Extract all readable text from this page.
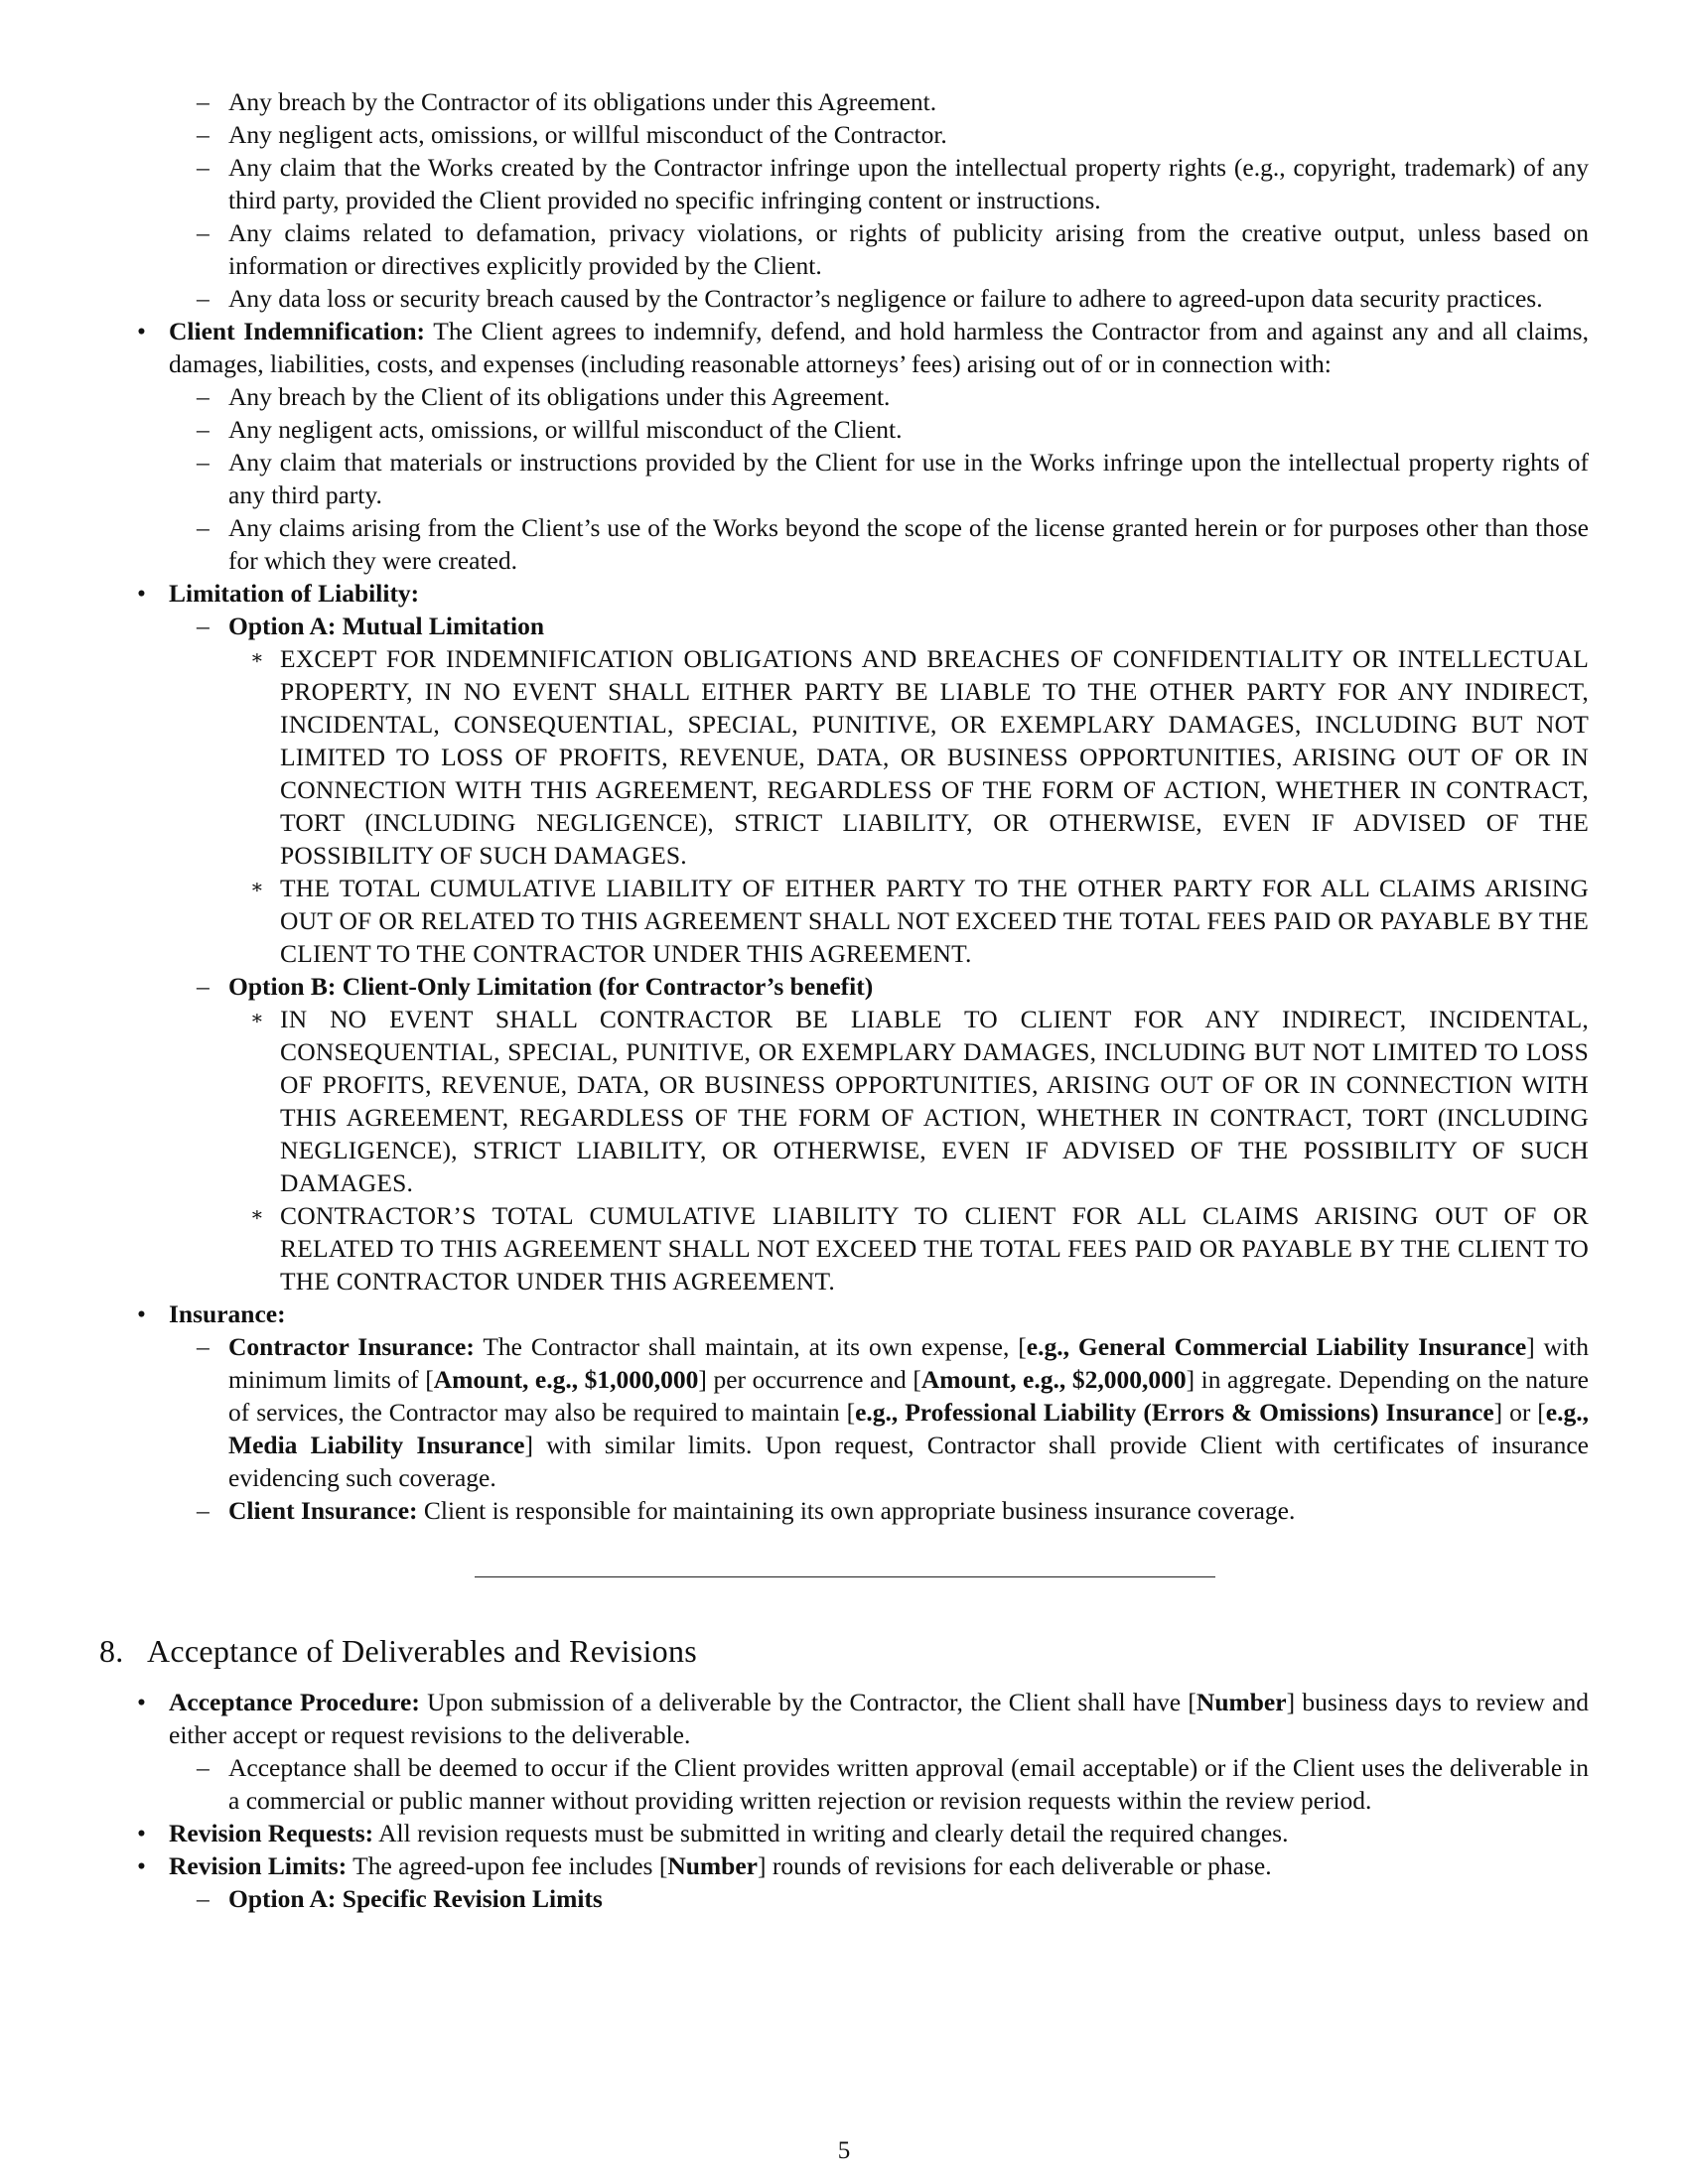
– Any breach by the Contractor of its obligations under this Agreement.
– Any negligent acts, omissions, or willful misconduct of the Contractor.
– Any claim that the Works created by the Contractor infringe upon the intellectual property rights (e.g., copyright, trademark) of any third party, provided the Client provided no specific infringing content or instructions.
– Any claims related to defamation, privacy violations, or rights of publicity arising from the creative output, unless based on information or directives explicitly provided by the Client.
– Any data loss or security breach caused by the Contractor’s negligence or failure to adhere to agreed-upon data security practices.
• Client Indemnification: The Client agrees to indemnify, defend, and hold harmless the Contractor from and against any and all claims, damages, liabilities, costs, and expenses (including reasonable attorneys’ fees) arising out of or in connection with:
– Any breach by the Client of its obligations under this Agreement.
– Any negligent acts, omissions, or willful misconduct of the Client.
– Any claim that materials or instructions provided by the Client for use in the Works infringe upon the intellectual property rights of any third party.
– Any claims arising from the Client’s use of the Works beyond the scope of the license granted herein or for purposes other than those for which they were created.
• Limitation of Liability:
– Option A: Mutual Limitation
∗ EXCEPT FOR INDEMNIFICATION OBLIGATIONS AND BREACHES OF CONFIDENTIALITY OR INTELLECTUAL PROPERTY, IN NO EVENT SHALL EITHER PARTY BE LIABLE TO THE OTHER PARTY FOR ANY INDIRECT, INCIDENTAL, CONSEQUENTIAL, SPECIAL, PUNITIVE, OR EXEMPLARY DAMAGES, INCLUDING BUT NOT LIMITED TO LOSS OF PROFITS, REVENUE, DATA, OR BUSINESS OPPORTUNITIES, ARISING OUT OF OR IN CONNECTION WITH THIS AGREEMENT, REGARDLESS OF THE FORM OF ACTION, WHETHER IN CONTRACT, TORT (INCLUDING NEGLIGENCE), STRICT LIABILITY, OR OTHERWISE, EVEN IF ADVISED OF THE POSSIBILITY OF SUCH DAMAGES.
∗ THE TOTAL CUMULATIVE LIABILITY OF EITHER PARTY TO THE OTHER PARTY FOR ALL CLAIMS ARISING OUT OF OR RELATED TO THIS AGREEMENT SHALL NOT EXCEED THE TOTAL FEES PAID OR PAYABLE BY THE CLIENT TO THE CONTRACTOR UNDER THIS AGREEMENT.
– Option B: Client-Only Limitation (for Contractor’s benefit)
∗ IN NO EVENT SHALL CONTRACTOR BE LIABLE TO CLIENT FOR ANY INDIRECT, INCIDENTAL, CONSEQUENTIAL, SPECIAL, PUNITIVE, OR EXEMPLARY DAMAGES, INCLUDING BUT NOT LIMITED TO LOSS OF PROFITS, REVENUE, DATA, OR BUSINESS OPPORTUNITIES, ARISING OUT OF OR IN CONNECTION WITH THIS AGREEMENT, REGARDLESS OF THE FORM OF ACTION, WHETHER IN CONTRACT, TORT (INCLUDING NEGLIGENCE), STRICT LIABILITY, OR OTHERWISE, EVEN IF ADVISED OF THE POSSIBILITY OF SUCH DAMAGES.
∗ CONTRACTOR’S TOTAL CUMULATIVE LIABILITY TO CLIENT FOR ALL CLAIMS ARISING OUT OF OR RELATED TO THIS AGREEMENT SHALL NOT EXCEED THE TOTAL FEES PAID OR PAYABLE BY THE CLIENT TO THE CONTRACTOR UNDER THIS AGREEMENT.
• Insurance:
– Contractor Insurance: The Contractor shall maintain, at its own expense, [e.g., General Commercial Liability Insurance] with minimum limits of [Amount, e.g., $1,000,000] per occurrence and [Amount, e.g., $2,000,000] in aggregate. Depending on the nature of services, the Contractor may also be required to maintain [e.g., Professional Liability (Errors & Omissions) Insurance] or [e.g., Media Liability Insurance] with similar limits. Upon request, Contractor shall provide Client with certificates of insurance evidencing such coverage.
– Client Insurance: Client is responsible for maintaining its own appropriate business insurance coverage.
8. Acceptance of Deliverables and Revisions
• Acceptance Procedure: Upon submission of a deliverable by the Contractor, the Client shall have [Number] business days to review and either accept or request revisions to the deliverable.
– Acceptance shall be deemed to occur if the Client provides written approval (email acceptable) or if the Client uses the deliverable in a commercial or public manner without providing written rejection or revision requests within the review period.
• Revision Requests: All revision requests must be submitted in writing and clearly detail the required changes.
• Revision Limits: The agreed-upon fee includes [Number] rounds of revisions for each deliverable or phase.
– Option A: Specific Revision Limits
5
